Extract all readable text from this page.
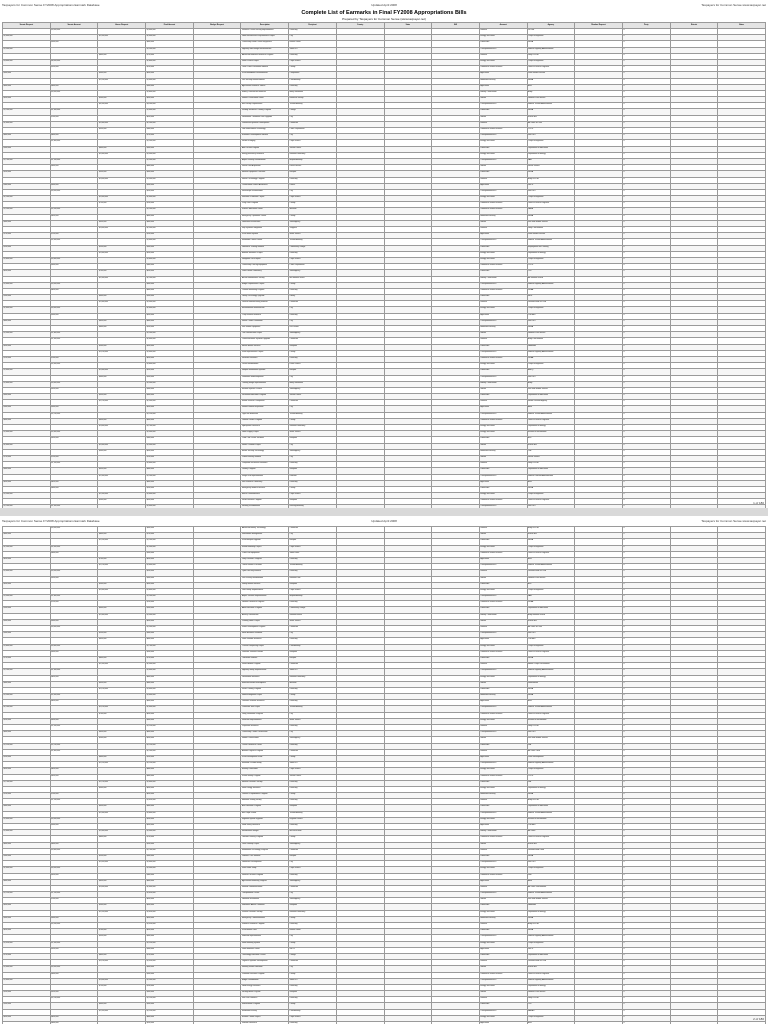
Taxpayers for Common Sense FY2008 Appropriations Earmark Database	Updated April 2008	Taxpayers for Common Sense www.taxpayer.net
Complete List of Earmarks in Final FY2008 Appropriations Bills
Prepared by Taxpayers for Common Sense (www.taxpayer.net)
Senate Request	Senate Amount	House Request	Final Amount	Budget Request	Description	Recipient	County	State	Bill	Account	Agency	Member Request	Party	District	Notes
	$1,000,000		$1,000,000		Research Center Facility Improvements	University				Defense	RDT&E		R		
$2,000,000		$2,500,000	$2,000,000		Water Infrastructure Improvement Project	City				Energy and Water	Corps of Engineers		D		
	$500,000		$400,000		Community Health Center Equipment	Health Center				Labor-HHS	HRSA		R		
$1,500,000			$1,200,000		Highway Interchange Reconstruction	State DOT				Transportation-HUD	Federal Highway Administration		D		
		$800,000	$750,000		Advanced Materials Research Program	University				Defense	Navy RDT&E		R		
$3,000,000	$3,000,000		$2,800,000		Flood Control Project	Corps District				Energy and Water	Corps of Engineers		D		
	$250,000		$250,000		Youth Crime Prevention Initiative	County				Commerce-Justice-Science	Office of Justice Programs		R		
$900,000		$900,000	$850,000		Rural Broadband Demonstration	Cooperative				Agriculture	Rural Utilities Service		D		
		$1,200,000	$1,000,000		Port Security Enhancements	Port Authority				Homeland Security	FEMA		R		
$600,000	$600,000		$500,000		Agricultural Research Station	University				Agriculture	ARS		D		
	$2,000,000		$1,800,000		Military Construction Barracks	Army Installation				Military Construction	Army		R		
$450,000		$500,000	$450,000		Historic Preservation Grant	Historical Society				Interior	National Park Service		D		
		$3,500,000	$3,200,000		Bus Facility Replacement	Transit Authority				Transportation-HUD	Federal Transit Administration		R		
$1,100,000	$1,100,000		$1,000,000		Nursing Workforce Training Program	College				Labor-HHS	HRSA		D		
	$700,000		$650,000		Wastewater Treatment Plant Upgrade	City				Interior	EPA STAG		R		
$2,400,000		$2,400,000	$2,200,000		Unmanned Systems Development	Contractor				Defense	Air Force RDT&E		D		
		$350,000	$300,000		Law Enforcement Technology	Police Department				Commerce-Justice-Science	COPS		R		
$800,000	$800,000		$750,000		Economic Development Initiative	City				Transportation-HUD	HUD EDI		D		
	$1,300,000		$1,200,000		Harbor Dredging	Corps District				Energy and Water	Corps of Engineers		R		
$500,000		$600,000	$500,000		After School Program	School District				Labor-HHS	Department of Education		D		
		$2,000,000	$1,900,000		Energy Efficiency Research	National Laboratory				Energy and Water	Department of Energy		R		
$1,700,000	$1,700,000		$1,500,000		Airport Runway Rehabilitation	Airport Authority				Transportation-HUD	FAA		D		
	$400,000		$400,000		Forest Land Acquisition	Forest Service				Interior	Forest Service		R		
$950,000		$950,000	$900,000		Medical Equipment Purchase	Hospital				Labor-HHS	HRSA		D		
		$1,600,000	$1,500,000		Sensor Technology Program	University				Defense	Army RDT&E		R		
$300,000	$300,000		$280,000		Conservation District Assistance	District				Agriculture	NRCS		D		
	$1,000,000		$950,000		Streetscape Revitalization	City				Transportation-HUD	HUD EDI		R		
$2,200,000		$2,000,000	$2,000,000		Shoreline Protection Project	Corps District				Energy and Water	Corps of Engineers		D		
		$750,000	$700,000		Drug Court Program	County				Commerce-Justice-Science	Office of Justice Programs		R		
$1,200,000	$1,200,000		$1,100,000		Science Education Center	Museum				Commerce-Justice-Science	NASA		D		
	$650,000		$600,000		Emergency Operations Center	County				Homeland Security	FEMA		R		
$400,000		$450,000	$400,000		Watershed Restoration	State Agency				Interior	Fish and Wildlife Service		D		
		$2,800,000	$2,500,000		Ship Systems Integration	Shipyard				Defense	Navy Procurement		R		
$750,000	$750,000		$700,000		Rural Water System	Water District				Agriculture	Rural Utilities Service		D		
	$1,500,000		$1,400,000		Intermodal Transit Center	Transit Authority				Transportation-HUD	Federal Transit Administration		R		
$550,000		$550,000	$500,000		Workforce Training Initiative	Community College				Labor-HHS	Employment and Training		D		
		$1,000,000	$950,000		Biofuels Research Project	University				Energy and Water	Department of Energy		R		
$1,800,000	$1,800,000		$1,600,000		Navigation Lock Repair	Corps District				Energy and Water	Corps of Engineers		D		
	$300,000		$300,000		Community Policing Equipment	Police Department				Commerce-Justice-Science	COPS		R		
$650,000		$700,000	$650,000		Public Health Laboratory	State Agency				Labor-HHS	CDC		D		
		$2,300,000	$2,100,000		Aircraft Maintenance Facility	Air National Guard				Military Construction	Air National Guard		R		
$1,000,000	$1,000,000		$900,000		Bridge Replacement Project	County				Transportation-HUD	Federal Highway Administration		D		
	$850,000		$800,000		Coastal Monitoring Program	University				Commerce-Justice-Science	NOAA		R		
$350,000		$400,000	$350,000		Library Technology Upgrade	Library				Labor-HHS	IMLS		D		
		$1,400,000	$1,300,000		Defense Manufacturing Initiative	Contractor				Defense	Defense-Wide RDT&E		R		
$2,600,000	$2,600,000		$2,400,000		Environmental Infrastructure	City				Energy and Water	Corps of Engineers		D		
	$500,000		$450,000		Crop Disease Research	University				Agriculture	CSREES		R		
$800,000		$850,000	$800,000		Senior Center Renovation	City				Transportation-HUD	HUD EDI		D		
		$600,000	$550,000		Fire Station Equipment	Fire District				Homeland Security	FEMA		R		
$1,300,000	$1,300,000		$1,200,000		Trail Construction Project	State Agency				Interior	National Park Service		D		
	$2,100,000		$2,000,000		Communications Systems Upgrade	Contractor				Defense	Army Procurement		R		
$450,000		$500,000	$450,000		Mental Health Services	Nonprofit				Labor-HHS	SAMHSA		D		
		$1,100,000	$1,000,000		Road Improvement Project	County				Transportation-HUD	Federal Highway Administration		R		
$700,000	$700,000		$650,000		Fisheries Research	University				Commerce-Justice-Science	NOAA		D		
	$1,900,000		$1,800,000		Levee Rehabilitation	Levee District				Energy and Water	Corps of Engineers		R		
$1,000,000		$1,000,000	$950,000		Hospital Information Systems	Hospital				Labor-HHS	AHRQ		D		
		$400,000	$350,000		Downtown Redevelopment	City				Transportation-HUD	HUD EDI		R		
$1,600,000	$1,600,000		$1,500,000		Training Range Improvements	Army Installation				Military Construction	Army		D		
	$550,000		$500,000		Invasive Species Control	State Agency				Interior	Fish and Wildlife Service		R		
$900,000		$950,000	$900,000		Vocational Education Program	School District				Labor-HHS	Department of Education		D		
		$2,700,000	$2,500,000		Missile Defense Component	Contractor				Defense	Missile Defense Agency		R		
$500,000	$500,000		$450,000		Farmers Market Expansion	City				Agriculture	AMS		D		
	$1,250,000		$1,150,000		Light Rail Extension	Transit Authority				Transportation-HUD	Federal Transit Administration		R		
$600,000		$650,000	$600,000		Juvenile Justice Program	County				Commerce-Justice-Science	Office of Justice Programs		D		
		$1,800,000	$1,700,000		Hydropower Research	National Laboratory				Energy and Water	Department of Energy		R		
$1,400,000	$1,400,000		$1,300,000		Water Supply Project	Water District				Energy and Water	Bureau of Reclamation		D		
	$350,000		$300,000		Child Care Center Facilities	Nonprofit				Labor-HHS	ACF		R		
$2,000,000		$2,000,000	$1,900,000		Sewer Overflow Project	City				Interior	EPA STAG		D		
		$900,000	$850,000		Border Security Technology	State Agency				Homeland Security	CBP		R		
$750,000	$750,000		$700,000		Urban Forestry Initiative	City				Interior	Forest Service		D		
	$1,700,000		$1,600,000		Composite Structures Research	University				Defense	Navy RDT&E		R		
$400,000		$450,000	$400,000		Literacy Program	Nonprofit				Labor-HHS	Department of Education		D		
		$1,300,000	$1,200,000		Freight Rail Improvements	Railroad				Transportation-HUD	Federal Railroad Administration		R		
$850,000	$850,000		$800,000		Soil Research Laboratory	University				Agriculture	ARS		D		
	$600,000		$550,000		Emergency Medical Services	County				Labor-HHS	HRSA		R		
$1,500,000		$1,500,000	$1,400,000		Beach Renourishment	Corps District				Energy and Water	Corps of Engineers		D		
		$500,000	$450,000		Victim Services Program	Nonprofit				Commerce-Justice-Science	Office of Justice Programs		R		
$1,100,000	$1,100,000		$1,000,000		Housing Rehabilitation	Housing Authority				Transportation-HUD	HUD EDI		D		

1 of 180
Taxpayers for Common Sense FY2008 Appropriations Earmark Database	Updated April 2008	Taxpayers for Common Sense www.taxpayer.net
	$1,000,000		$900,000		Advanced Battery Technology	Contractor				Defense	Army RDT&E		R		
$800,000		$800,000	$750,000		Stormwater Management	City				Interior	EPA STAG		D		
		$1,200,000	$1,100,000		Rural Hospital Upgrade	Hospital				Labor-HHS	HRSA		R		
$2,500,000	$2,500,000		$2,300,000		Inland Waterway Project	Corps District				Energy and Water	Corps of Engineers		D		
	$400,000		$350,000		Crime Lab Equipment	State Police				Commerce-Justice-Science	Office of Justice Programs		R		
$650,000		$700,000	$650,000		Dairy Research Program	University				Agriculture	ARS		D		
		$1,700,000	$1,600,000		Transit Vehicle Purchase	Transit Authority				Transportation-HUD	Federal Transit Administration		R		
$1,000,000	$1,000,000		$950,000		Cyber Security Initiative	University				Defense	Defense-Wide RDT&E		D		
	$550,000		$500,000		Park Facility Rehabilitation	National Park				Interior	National Park Service		R		
$450,000		$500,000	$450,000		Family Health Services	Nonprofit				Labor-HHS	ACF		D		
		$2,000,000	$1,800,000		Dam Safety Improvements	Corps District				Energy and Water	Corps of Engineers		R		
$1,300,000	$1,300,000		$1,200,000		Airport Terminal Improvements	Airport Authority				Transportation-HUD	FAA		D		
	$750,000		$700,000		Weather Research Program	University				Commerce-Justice-Science	NOAA		R		
$350,000		$400,000	$350,000		Adult Education Program	Community College				Labor-HHS	Department of Education		D		
		$1,400,000	$1,300,000		Armory Construction	National Guard				Military Construction	Army National Guard		R		
$900,000	$900,000		$850,000		Drinking Water Project	Water District				Interior	EPA STAG		D		
	$1,600,000		$1,500,000		Radar Development Program	Contractor				Defense	Air Force RDT&E		R		
$500,000		$550,000	$500,000		Small Business Incubator	City				Transportation-HUD	HUD EDI		D		
		$650,000	$600,000		Plant Genome Research	University				Agriculture	CSREES		R		
$1,800,000	$1,800,000		$1,700,000		Channel Deepening Project	Port Authority				Energy and Water	Corps of Engineers		D		
	$300,000		$280,000		Domestic Violence Shelter	Nonprofit				Commerce-Justice-Science	Office of Justice Programs		R		
$750,000		$800,000	$750,000		Telehealth Network	Hospital				Labor-HHS	HRSA		D		
		$2,500,000	$2,300,000		Vehicle Armor Program	Contractor				Defense	Marine Corps Procurement		R		
$1,100,000	$1,100,000		$1,000,000		Highway Safety Improvements	State DOT				Transportation-HUD	Federal Highway Administration		D		
	$850,000		$800,000		Geothermal Research	National Laboratory				Energy and Water	Department of Energy		R		
$400,000		$450,000	$400,000		Museum Exhibit Development	Museum				Interior	Smithsonian		D		
		$1,100,000	$1,000,000		Nurse Training Program	University				Labor-HHS	HRSA		R		
$1,500,000	$1,500,000		$1,400,000		Hazard Mitigation Project	County				Homeland Security	FEMA		D		
	$650,000		$600,000		Livestock Disease Research	University				Agriculture	ARS		R		
$2,100,000		$2,100,000	$2,000,000		Commuter Rail Project	Transit Authority				Transportation-HUD	Federal Transit Administration		D		
		$700,000	$650,000		Gang Prevention Program	City				Commerce-Justice-Science	Office of Justice Programs		R		
$950,000	$950,000		$900,000		Reservoir Improvements	Water District				Energy and Water	Bureau of Reclamation		D		
	$1,350,000		$1,250,000		Propulsion Research	University				Defense	Navy RDT&E		R		
$600,000		$650,000	$600,000		Community Center Construction	City				Transportation-HUD	HUD EDI		D		
		$500,000	$450,000		Habitat Conservation	State Agency				Interior	Fish and Wildlife Service		R		
$1,250,000	$1,250,000		$1,150,000		Cancer Research Center	University				Labor-HHS	NIH		D		
	$2,300,000		$2,100,000		Aviation Logistics Program	Contractor				Defense	Air Force O&M		R		
$550,000		$600,000	$550,000		Rural Development Grant	County				Agriculture	Rural Development		D		
		$1,250,000	$1,150,000		Interstate Corridor Study	State DOT				Transportation-HUD	Federal Highway Administration		R		
$850,000	$850,000		$800,000		Estuary Restoration	Corps District				Energy and Water	Corps of Engineers		D		
	$450,000		$400,000		School Safety Program	School District				Commerce-Justice-Science	COPS		R		
$1,700,000		$1,700,000	$1,600,000		Medical Research Facility	University				Labor-HHS	NIH		D		
		$900,000	$850,000		Solar Energy Research	University				Energy and Water	Department of Energy		R		
$700,000	$700,000		$650,000		Disaster Preparedness Program	County				Homeland Security	FEMA		D		
	$1,150,000		$1,050,000		Materials Testing Facility	University				Defense	Army RDT&E		R		
$400,000		$450,000	$400,000		Arts Education Program	Nonprofit				Labor-HHS	Department of Education		D		
		$1,900,000	$1,800,000		Bus Rapid Transit	Transit Authority				Transportation-HUD	Federal Transit Administration		R		
$1,000,000	$1,000,000		$950,000		Irrigation System Upgrade	Irrigation District				Energy and Water	Bureau of Reclamation		D		
	$500,000		$450,000		Food Safety Research	University				Agriculture	CSREES		R		
$1,400,000		$1,400,000	$1,300,000		Maintenance Hangar	Air Force Base				Military Construction	Air Force		D		
		$800,000	$750,000		Offender Reentry Program	County				Commerce-Justice-Science	Office of Justice Programs		R		
$600,000	$600,000		$550,000		Lake Cleanup Project	State Agency				Interior	EPA STAG		D		
	$1,800,000		$1,700,000		Information Technology Program	Contractor				Defense	Defense-Wide O&M		R		
$500,000		$550,000	$500,000		Pediatric Care Initiative	Hospital				Labor-HHS	HRSA		D		
		$1,050,000	$1,000,000		Waterfront Development	City				Transportation-HUD	HUD EDI		R		
$2,000,000	$2,000,000		$1,900,000		River Basin Study	Corps District				Energy and Water	Corps of Engineers		D		
	$350,000		$300,000		Forensic Science Program	University				Commerce-Justice-Science	NIST		R		
$800,000		$850,000	$800,000		Agricultural Marketing Program	State Agency				Agriculture	AMS		D		
		$2,600,000	$2,400,000		Satellite Communications	Contractor				Defense	Air Force Procurement		R		
$1,150,000	$1,150,000		$1,050,000		Transportation Center	City				Transportation-HUD	Federal Transit Administration		D		
	$700,000		$650,000		Wetlands Restoration	State Agency				Interior	Fish and Wildlife Service		R		
$450,000		$500,000	$450,000		Substance Abuse Treatment	Nonprofit				Labor-HHS	SAMHSA		D		
		$1,550,000	$1,450,000		Nuclear Research Facility	National Laboratory				Energy and Water	Department of Energy		R		
$900,000	$900,000		$850,000		Emergency Communications	County				Homeland Security	FEMA		D		
	$1,450,000		$1,350,000		Robotics Research Program	University				Defense	Army RDT&E		R		
$650,000		$700,000	$650,000		Rural Health Clinic	Health Center				Labor-HHS	HRSA		D		
		$950,000	$900,000		Sidewalk Improvements	City				Transportation-HUD	Federal Highway Administration		R		
$1,350,000	$1,350,000		$1,250,000		Flood Warning System	County				Energy and Water	Corps of Engineers		D		
	$550,000		$500,000		Plant Materials Center	NRCS				Agriculture	NRCS		R		
$750,000		$800,000	$750,000		Technology Education Center	College				Labor-HHS	Department of Education		D		
		$2,100,000	$1,950,000		Logistics Systems Development	Contractor				Defense	Defense-Wide RDT&E		R		
$1,000,000	$1,000,000		$900,000		Sanitary Sewer Extension	City				Interior	EPA STAG		D		
	$400,000		$350,000		Probation Services Program	County				Commerce-Justice-Science	Office of Justice Programs		R		
$1,600,000		$1,600,000	$1,500,000		Bridge Rehabilitation	State DOT				Transportation-HUD	Federal Highway Administration		D		
		$750,000	$700,000		Wind Energy Research	University				Energy and Water	Department of Energy		R		
$550,000	$550,000		$500,000		Heritage Area Program	Nonprofit				Interior	National Park Service		D		
	$1,250,000		$1,150,000		Fuel Cell Research	University				Defense	Navy RDT&E		R		
$350,000		$400,000	$350,000		Immunization Program	County				Labor-HHS	CDC		D		
		$1,350,000	$1,250,000		Multimodal Facility	Port Authority				Transportation-HUD	MARAD		R		
$850,000	$850,000		$800,000		Erosion Control Project	Corps District				Energy and Water	Corps of Engineers		D		
	$600,000		$550,000		Nutrition Research	University				Agriculture	ARS		R		

2 of 180
